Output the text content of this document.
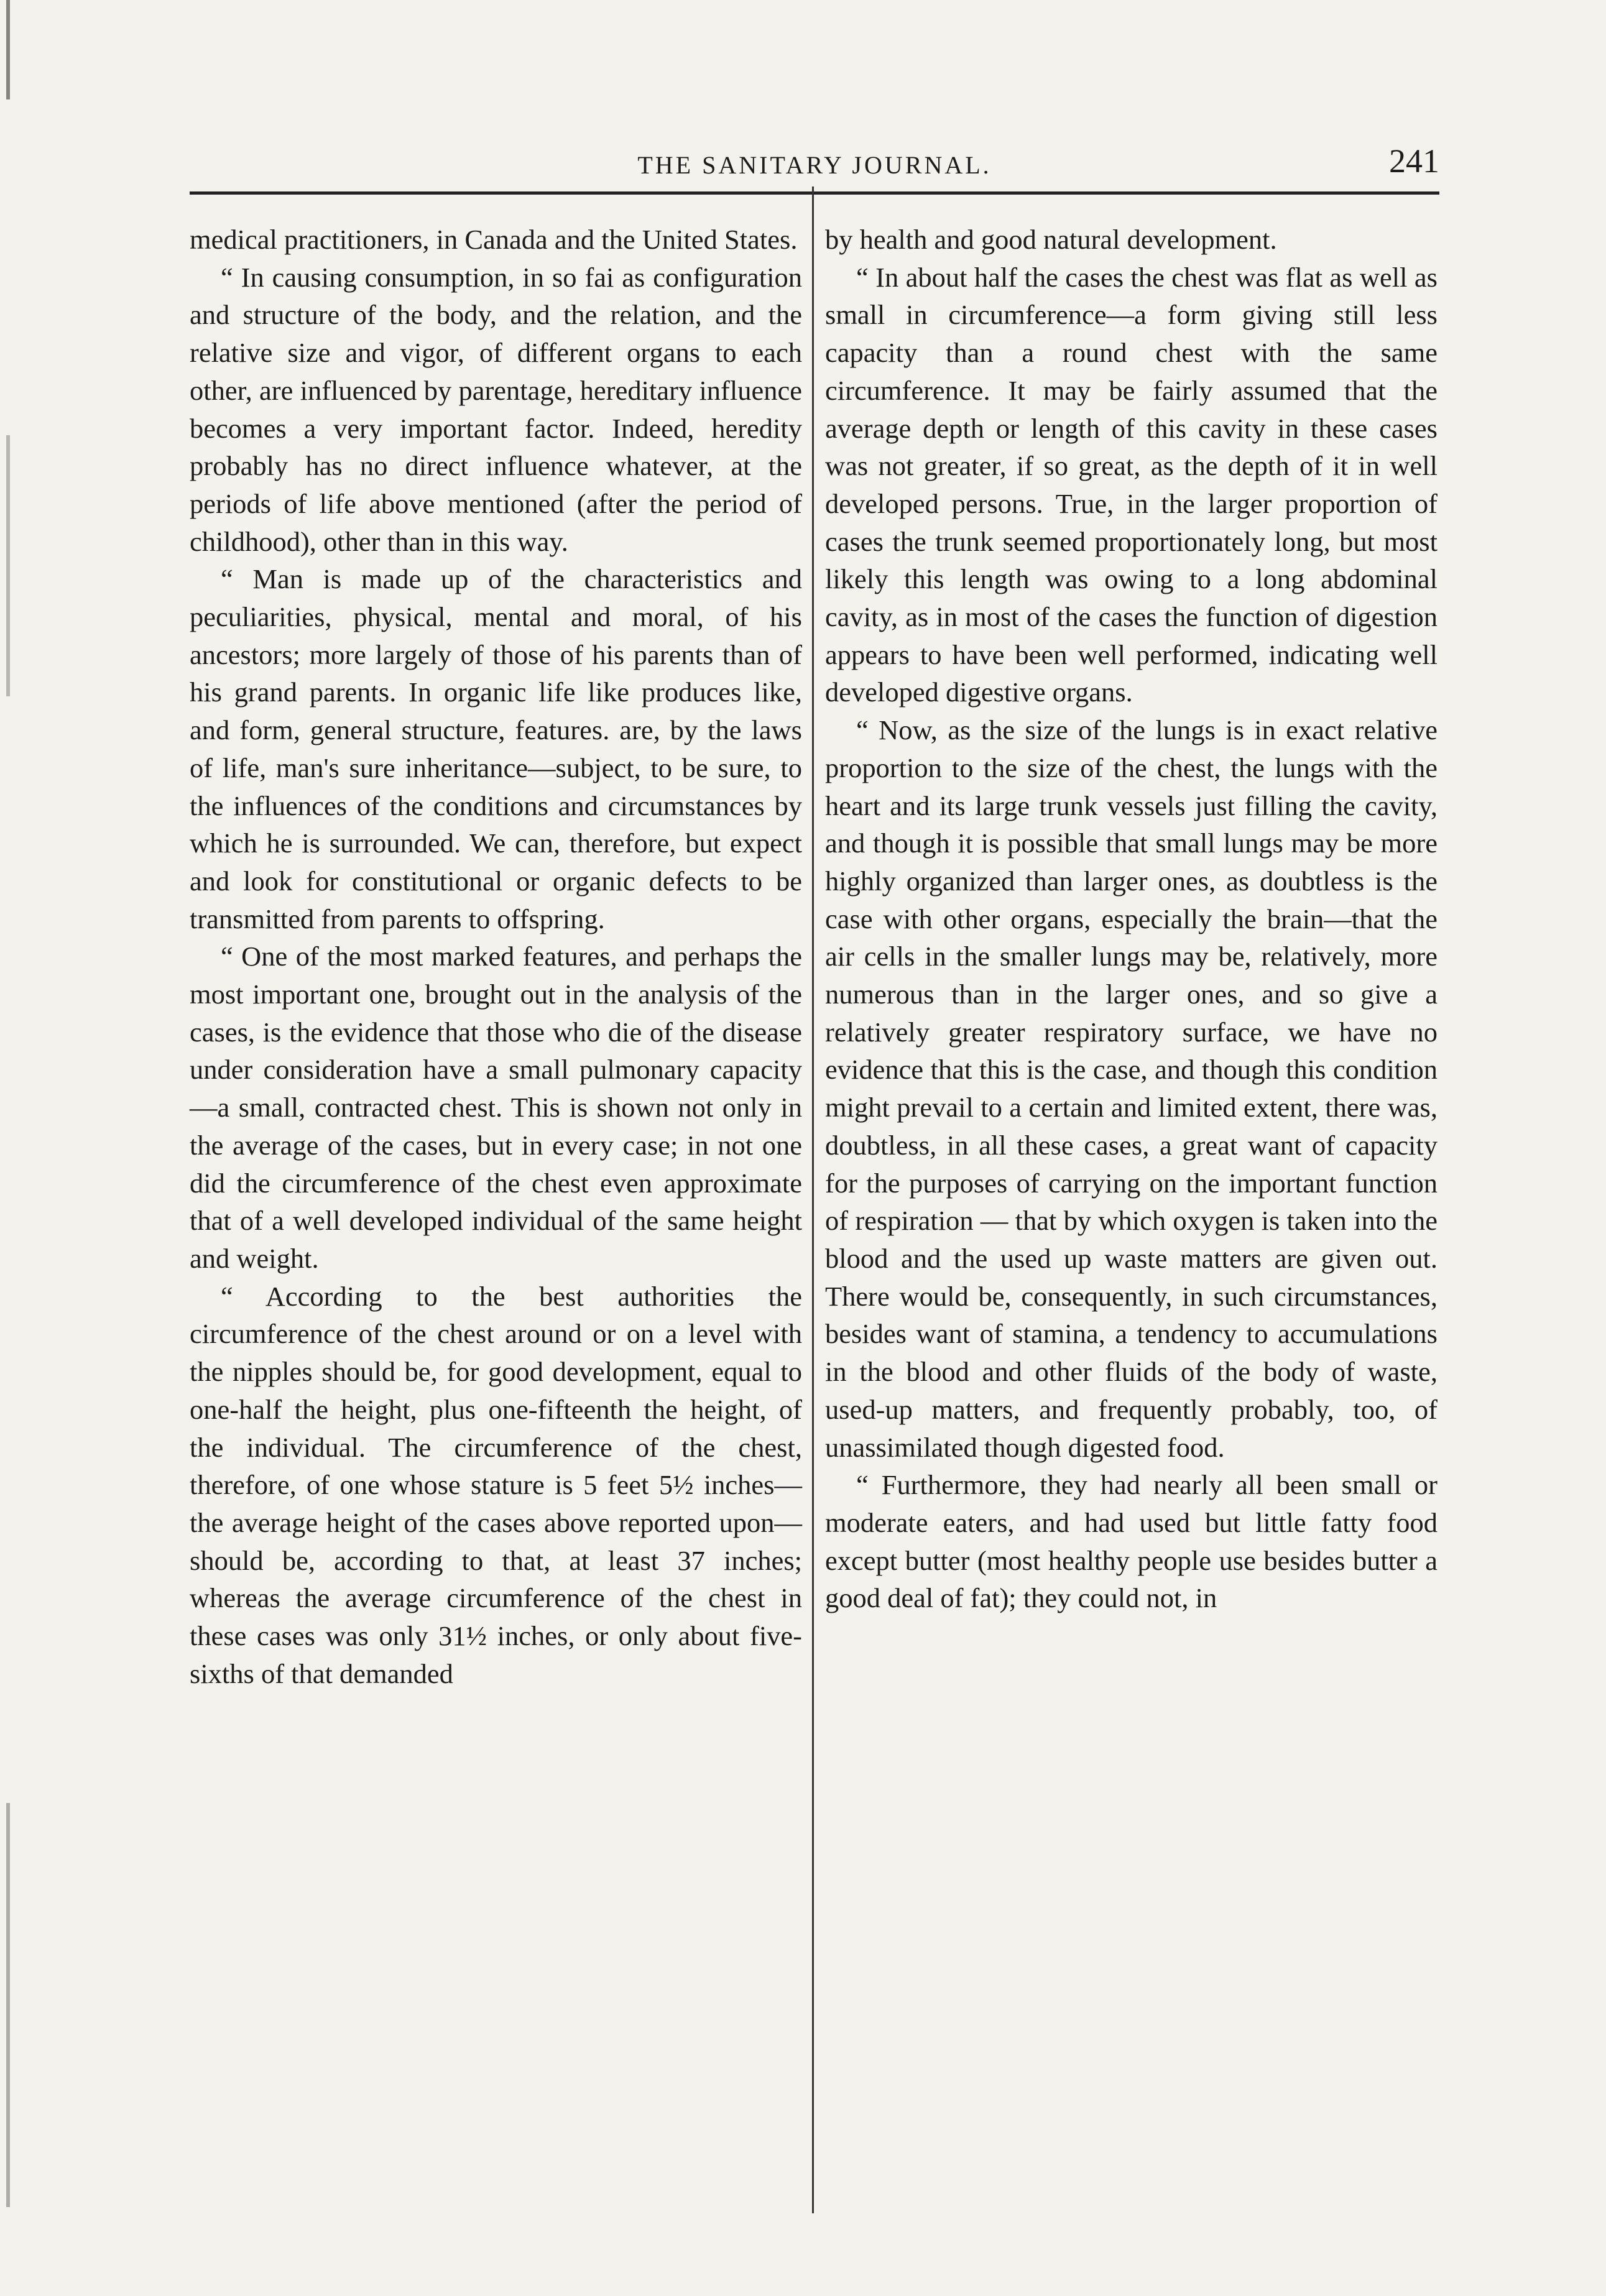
THE SANITARY JOURNAL.	241

medical practitioners, in Canada and the United States.

“ In causing consumption, in so fai as configuration and structure of the body, and the relation, and the relative size and vigor, of different organs to each other, are influenced by parentage, hereditary influence becomes a very important factor. Indeed, heredity probably has no direct influence whatever, at the periods of life above mentioned (after the period of childhood), other than in this way.

“ Man is made up of the characteristics and peculiarities, physical, mental and moral, of his ancestors; more largely of those of his parents than of his grand parents. In organic life like produces like, and form, general structure, features. are, by the laws of life, man's sure inheritance—subject, to be sure, to the influences of the conditions and circumstances by which he is surrounded. We can, therefore, but expect and look for constitutional or organic defects to be transmitted from parents to offspring.

“ One of the most marked features, and perhaps the most important one, brought out in the analysis of the cases, is the evidence that those who die of the disease under consideration have a small pulmonary capacity—a small, contracted chest. This is shown not only in the average of the cases, but in every case; in not one did the circumference of the chest even approximate that of a well developed individual of the same height and weight.

“ According to the best authorities the circumference of the chest around or on a level with the nipples should be, for good development, equal to one-half the height, plus one-fifteenth the height, of the individual. The circumference of the chest, therefore, of one whose stature is 5 feet 5½ inches—the average height of the cases above reported upon—should be, according to that, at least 37 inches; whereas the average circumference of the chest in these cases was only 31½ inches, or only about five-sixths of that demanded

by health and good natural development.

“ In about half the cases the chest was flat as well as small in circumference—a form giving still less capacity than a round chest with the same circumference. It may be fairly assumed that the average depth or length of this cavity in these cases was not greater, if so great, as the depth of it in well developed persons. True, in the larger proportion of cases the trunk seemed proportionately long, but most likely this length was owing to a long abdominal cavity, as in most of the cases the function of digestion appears to have been well performed, indicating well developed digestive organs.

“ Now, as the size of the lungs is in exact relative proportion to the size of the chest, the lungs with the heart and its large trunk vessels just filling the cavity, and though it is possible that small lungs may be more highly organized than larger ones, as doubtless is the case with other organs, especially the brain—that the air cells in the smaller lungs may be, relatively, more numerous than in the larger ones, and so give a relatively greater respiratory surface, we have no evidence that this is the case, and though this condition might prevail to a certain and limited extent, there was, doubtless, in all these cases, a great want of capacity for the purposes of carrying on the important function of respiration — that by which oxygen is taken into the blood and the used up waste matters are given out. There would be, consequently, in such circumstances, besides want of stamina, a tendency to accumulations in the blood and other fluids of the body of waste, used-up matters, and frequently probably, too, of unassimilated though digested food.

“ Furthermore, they had nearly all been small or moderate eaters, and had used but little fatty food except butter (most healthy people use besides butter a good deal of fat); they could not, in
